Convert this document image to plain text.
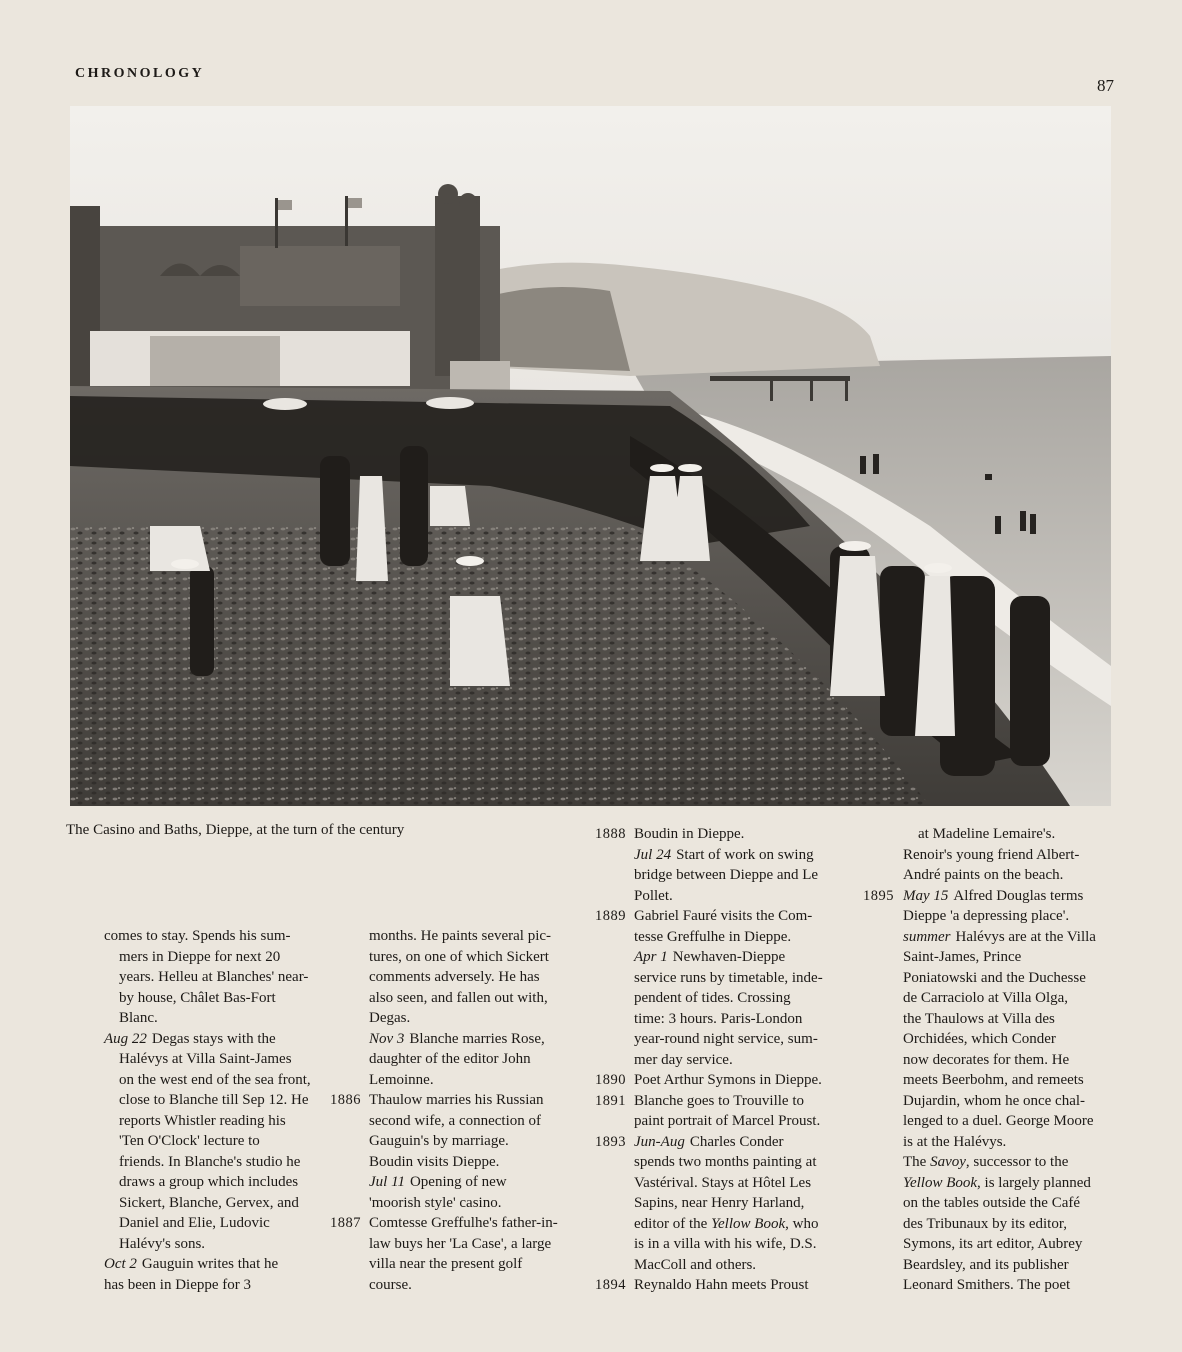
CHRONOLOGY
87
The Casino and Baths, Dieppe, at the turn of the century
comes to stay. Spends his sum-
mers in Dieppe for next 20
years. Helleu at Blanches' near-
by house, Châlet Bas-Fort
Blanc.
Aug 22 Degas stays with the
Halévys at Villa Saint-James
on the west end of the sea front,
close to Blanche till Sep 12. He
reports Whistler reading his
'Ten O'Clock' lecture to
friends. In Blanche's studio he
draws a group which includes
Sickert, Blanche, Gervex, and
Daniel and Elie, Ludovic
Halévy's sons.
Oct 2 Gauguin writes that he
has been in Dieppe for 3
months. He paints several pic-
tures, on one of which Sickert
comments adversely. He has
also seen, and fallen out with,
Degas.
Nov 3 Blanche marries Rose,
daughter of the editor John
Lemoinne.
1886 Thaulow marries his Russian
second wife, a connection of
Gauguin's by marriage.
Boudin visits Dieppe.
Jul 11 Opening of new
'moorish style' casino.
1887 Comtesse Greffulhe's father-in-
law buys her 'La Case', a large
villa near the present golf
course.
1888 Boudin in Dieppe.
Jul 24 Start of work on swing
bridge between Dieppe and Le
Pollet.
1889 Gabriel Fauré visits the Com-
tesse Greffulhe in Dieppe.
Apr 1 Newhaven-Dieppe
service runs by timetable, inde-
pendent of tides. Crossing
time: 3 hours. Paris-London
year-round night service, sum-
mer day service.
1890 Poet Arthur Symons in Dieppe.
1891 Blanche goes to Trouville to
paint portrait of Marcel Proust.
1893 Jun-Aug Charles Conder
spends two months painting at
Vastérival. Stays at Hôtel Les
Sapins, near Henry Harland,
editor of the Yellow Book, who
is in a villa with his wife, D.S.
MacColl and others.
1894 Reynaldo Hahn meets Proust
at Madeline Lemaire's.
Renoir's young friend Albert-
André paints on the beach.
1895 May 15 Alfred Douglas terms
Dieppe 'a depressing place'.
summer Halévys are at the Villa
Saint-James, Prince
Poniatowski and the Duchesse
de Carraciolo at Villa Olga,
the Thaulows at Villa des
Orchidées, which Conder
now decorates for them. He
meets Beerbohm, and remeets
Dujardin, whom he once chal-
lenged to a duel. George Moore
is at the Halévys.
The Savoy, successor to the
Yellow Book, is largely planned
on the tables outside the Café
des Tribunaux by its editor,
Symons, its art editor, Aubrey
Beardsley, and its publisher
Leonard Smithers. The poet
